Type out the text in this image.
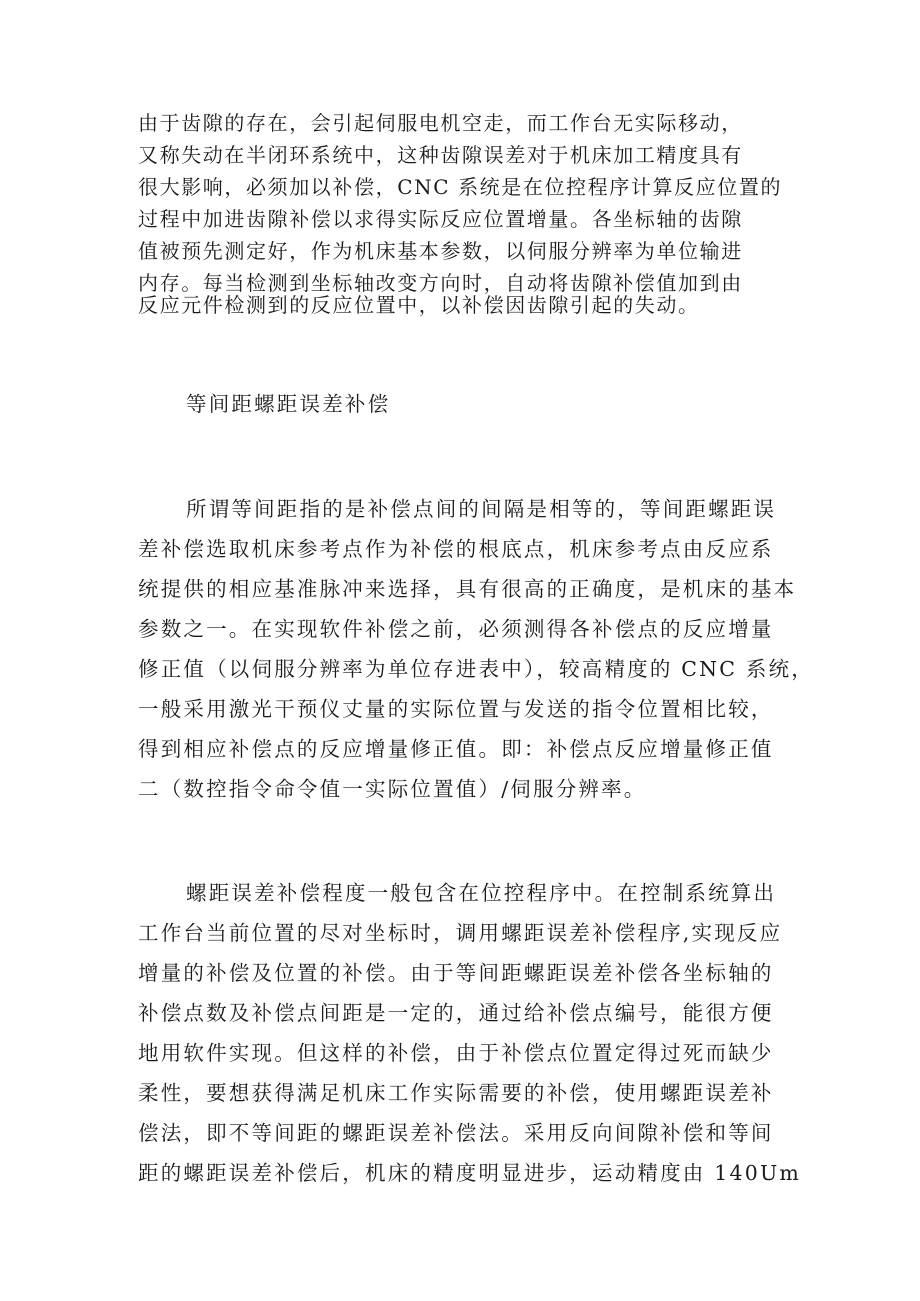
由于齿隙的存在，会引起伺服电机空走，而工作台无实际移动，
又称失动在半闭环系统中，这种齿隙误差对于机床加工精度具有
很大影响，必须加以补偿，CNC 系统是在位控程序计算反应位置的
过程中加进齿隙补偿以求得实际反应位置增量。各坐标轴的齿隙
值被预先测定好，作为机床基本参数，以伺服分辨率为单位输进
内存。每当检测到坐标轴改变方向时，自动将齿隙补偿值加到由
反应元件检测到的反应位置中，以补偿因齿隙引起的失动。
等间距螺距误差补偿
所谓等间距指的是补偿点间的间隔是相等的，等间距螺距误
差补偿选取机床参考点作为补偿的根底点，机床参考点由反应系
统提供的相应基准脉冲来选择，具有很高的正确度，是机床的基本
参数之一。在实现软件补偿之前，必须测得各补偿点的反应增量
修正值（以伺服分辨率为单位存进表中），较高精度的 CNC 系统，
一般采用激光干预仪丈量的实际位置与发送的指令位置相比较，
得到相应补偿点的反应增量修正值。即：补偿点反应增量修正值
二（数控指令命令值一实际位置值）/伺服分辨率。
螺距误差补偿程度一般包含在位控程序中。在控制系统算出
工作台当前位置的尽对坐标时，调用螺距误差补偿程序,实现反应
增量的补偿及位置的补偿。由于等间距螺距误差补偿各坐标轴的
补偿点数及补偿点间距是一定的，通过给补偿点编号，能很方便
地用软件实现。但这样的补偿，由于补偿点位置定得过死而缺少
柔性，要想获得满足机床工作实际需要的补偿，使用螺距误差补
偿法，即不等间距的螺距误差补偿法。采用反向间隙补偿和等间
距的螺距误差补偿后，机床的精度明显进步，运动精度由 140Um
